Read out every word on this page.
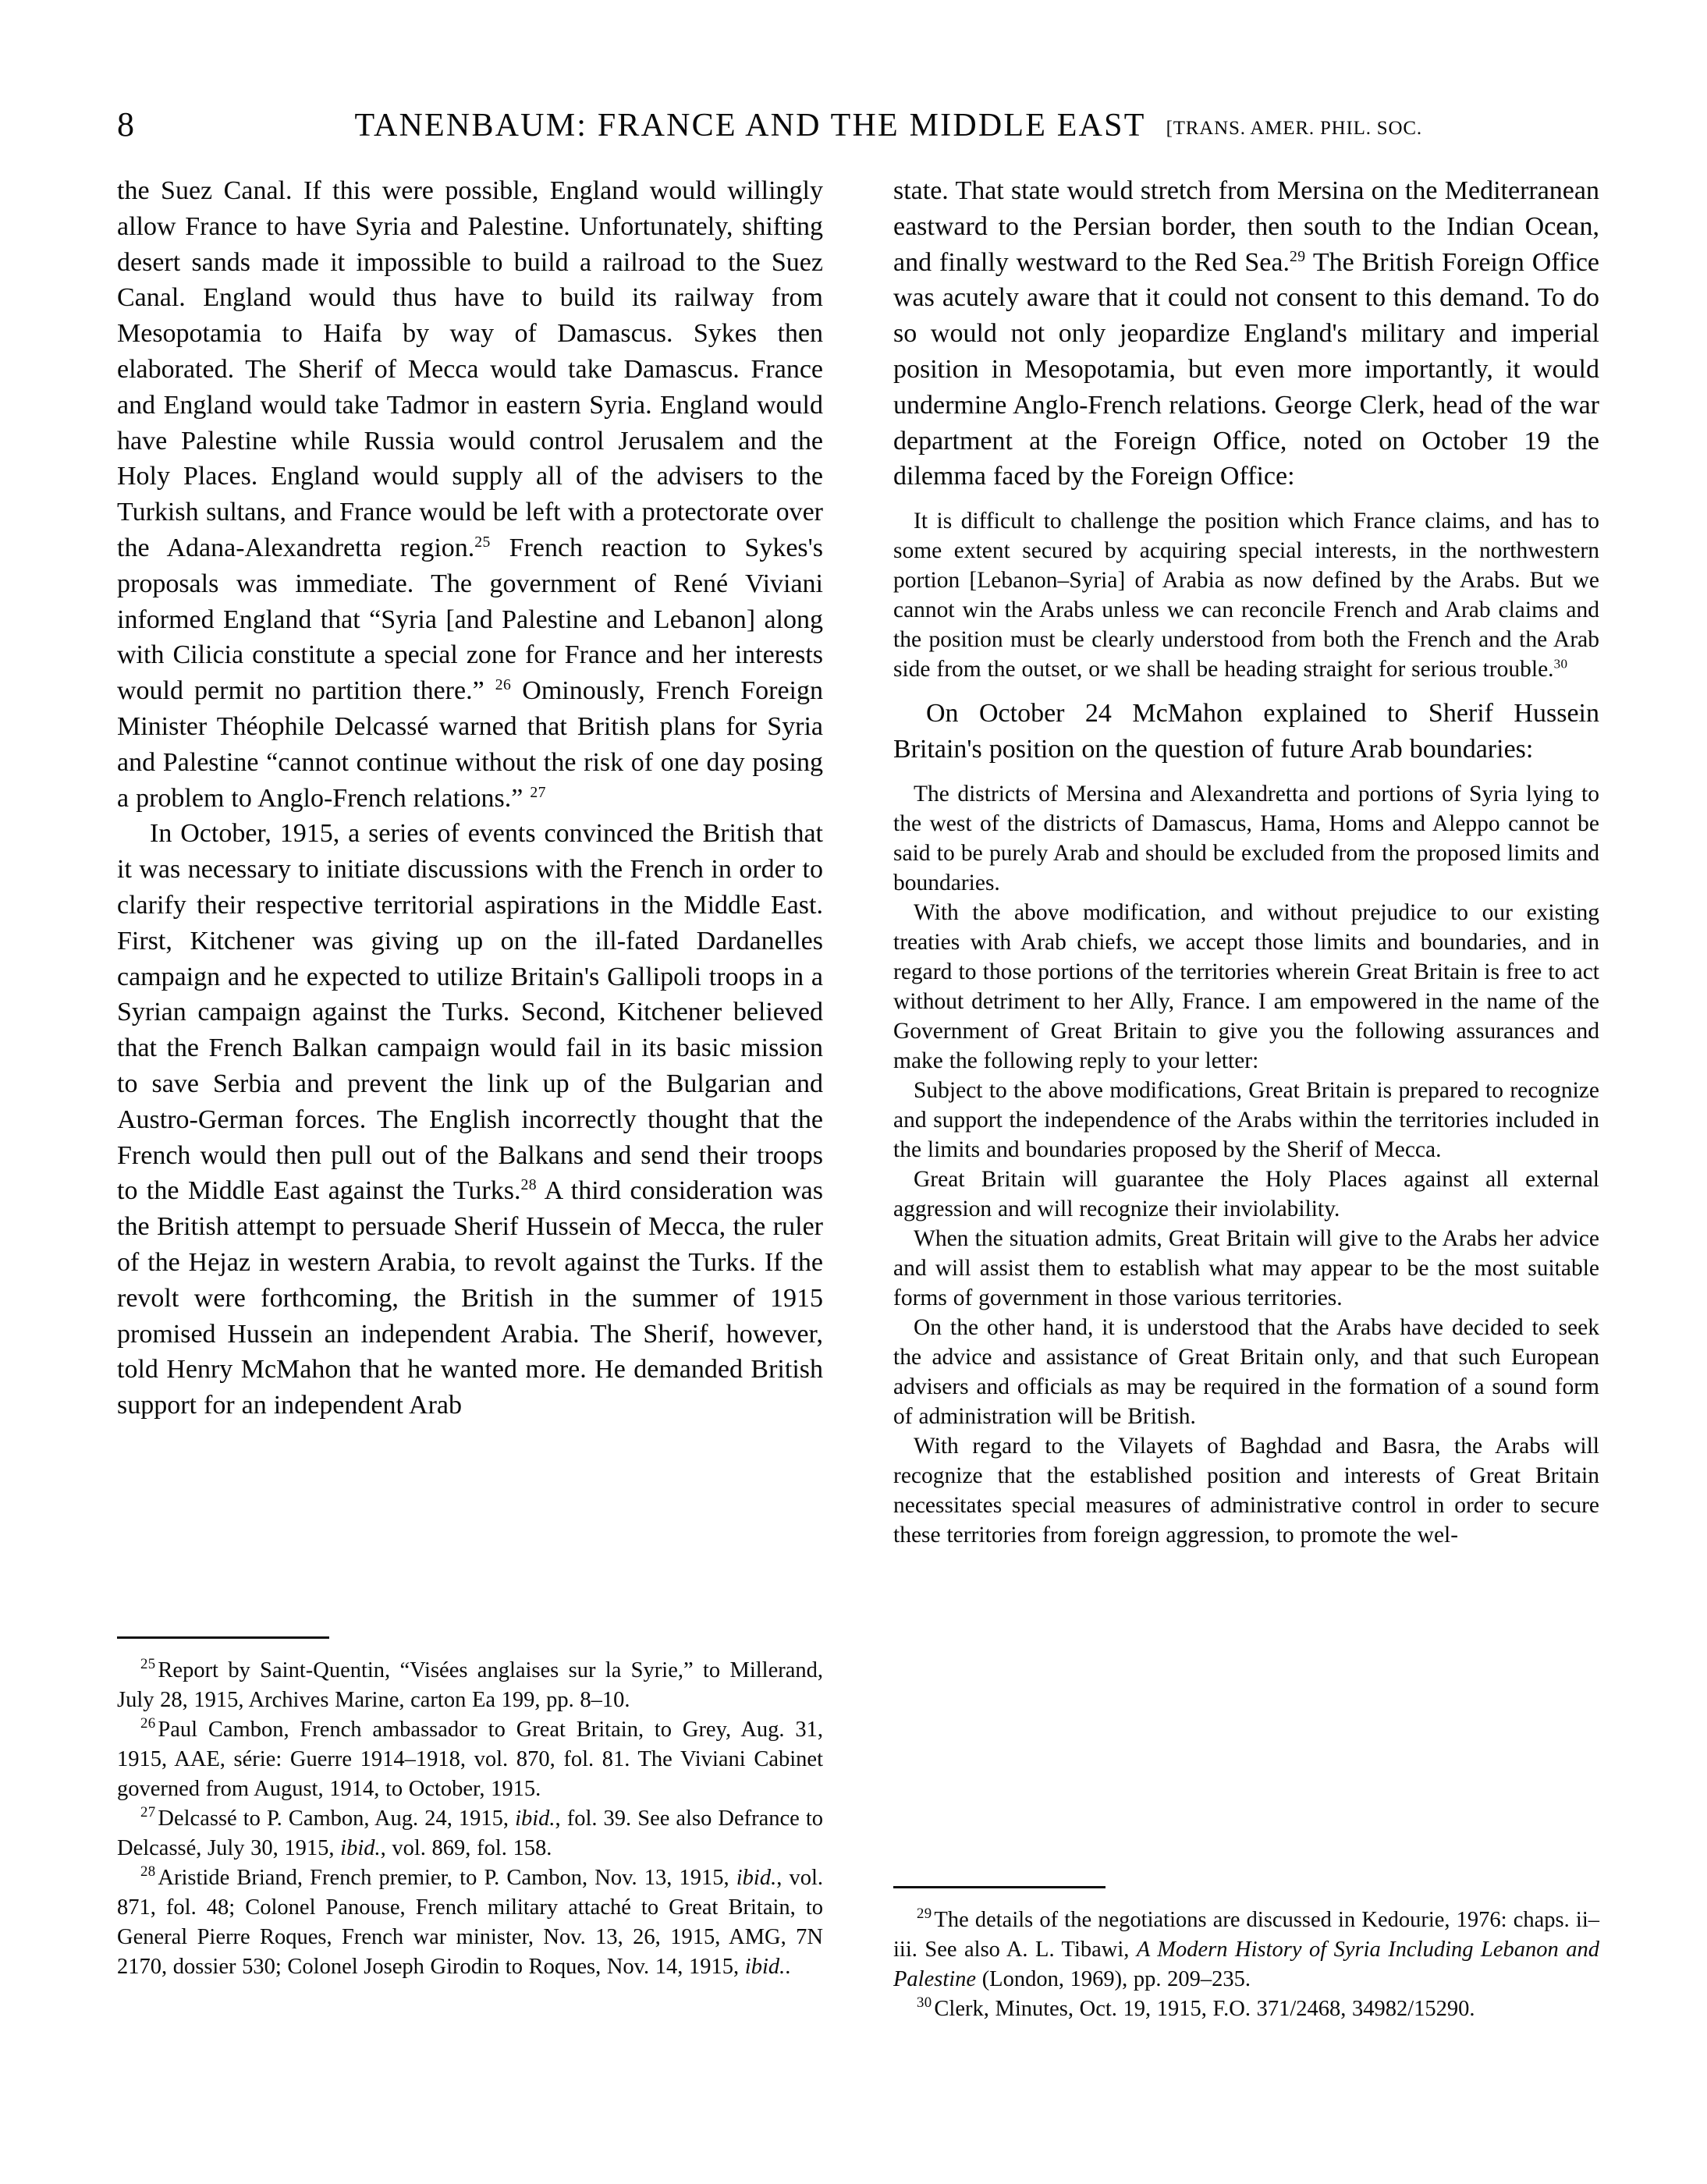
8	TANENBAUM: FRANCE AND THE MIDDLE EAST [TRANS. AMER. PHIL. SOC.

the Suez Canal. If this were possible, England would willingly allow France to have Syria and Palestine. Unfortunately, shifting desert sands made it impossible to build a railroad to the Suez Canal. England would thus have to build its railway from Mesopotamia to Haifa by way of Damascus. Sykes then elaborated. The Sherif of Mecca would take Damascus. France and England would take Tadmor in eastern Syria. England would have Palestine while Russia would control Jerusalem and the Holy Places. England would supply all of the advisers to the Turkish sultans, and France would be left with a protectorate over the Adana-Alexandretta region.$^{25}$ French reaction to Sykes's proposals was immediate. The government of René Viviani informed England that “Syria [and Palestine and Lebanon] along with Cilicia constitute a special zone for France and her interests would permit no partition there.” $^{26}$ Ominously, French Foreign Minister Théophile Delcassé warned that British plans for Syria and Palestine “cannot continue without the risk of one day posing a problem to Anglo-French relations.” $^{27}$

In October, 1915, a series of events convinced the British that it was necessary to initiate discussions with the French in order to clarify their respective territorial aspirations in the Middle East. First, Kitchener was giving up on the ill-fated Dardanelles campaign and he expected to utilize Britain's Gallipoli troops in a Syrian campaign against the Turks. Second, Kitchener believed that the French Balkan campaign would fail in its basic mission to save Serbia and prevent the link up of the Bulgarian and Austro-German forces. The English incorrectly thought that the French would then pull out of the Balkans and send their troops to the Middle East against the Turks.$^{28}$ A third consideration was the British attempt to persuade Sherif Hussein of Mecca, the ruler of the Hejaz in western Arabia, to revolt against the Turks. If the revolt were forthcoming, the British in the summer of 1915 promised Hussein an independent Arabia. The Sherif, however, told Henry McMahon that he wanted more. He demanded British support for an independent Arab

state. That state would stretch from Mersina on the Mediterranean eastward to the Persian border, then south to the Indian Ocean, and finally westward to the Red Sea.$^{29}$ The British Foreign Office was acutely aware that it could not consent to this demand. To do so would not only jeopardize England's military and imperial position in Mesopotamia, but even more importantly, it would undermine Anglo-French relations. George Clerk, head of the war department at the Foreign Office, noted on October 19 the dilemma faced by the Foreign Office:

It is difficult to challenge the position which France claims, and has to some extent secured by acquiring special interests, in the northwestern portion [Lebanon–Syria] of Arabia as now defined by the Arabs. But we cannot win the Arabs unless we can reconcile French and Arab claims and the position must be clearly understood from both the French and the Arab side from the outset, or we shall be heading straight for serious trouble.$^{30}$

On October 24 McMahon explained to Sherif Hussein Britain's position on the question of future Arab boundaries:

The districts of Mersina and Alexandretta and portions of Syria lying to the west of the districts of Damascus, Hama, Homs and Aleppo cannot be said to be purely Arab and should be excluded from the proposed limits and boundaries.

With the above modification, and without prejudice to our existing treaties with Arab chiefs, we accept those limits and boundaries, and in regard to those portions of the territories wherein Great Britain is free to act without detriment to her Ally, France. I am empowered in the name of the Government of Great Britain to give you the following assurances and make the following reply to your letter:

Subject to the above modifications, Great Britain is prepared to recognize and support the independence of the Arabs within the territories included in the limits and boundaries proposed by the Sherif of Mecca.

Great Britain will guarantee the Holy Places against all external aggression and will recognize their inviolability.

When the situation admits, Great Britain will give to the Arabs her advice and will assist them to establish what may appear to be the most suitable forms of government in those various territories.

On the other hand, it is understood that the Arabs have decided to seek the advice and assistance of Great Britain only, and that such European advisers and officials as may be required in the formation of a sound form of administration will be British.

With regard to the Vilayets of Baghdad and Basra, the Arabs will recognize that the established position and interests of Great Britain necessitates special measures of administrative control in order to secure these territories from foreign aggression, to promote the wel-

$^{25}$ Report by Saint-Quentin, “Visées anglaises sur la Syrie,” to Millerand, July 28, 1915, Archives Marine, carton Ea 199, pp. 8–10.

$^{26}$ Paul Cambon, French ambassador to Great Britain, to Grey, Aug. 31, 1915, AAE, série: Guerre 1914–1918, vol. 870, fol. 81. The Viviani Cabinet governed from August, 1914, to October, 1915.

$^{27}$ Delcassé to P. Cambon, Aug. 24, 1915, ibid., fol. 39. See also Defrance to Delcassé, July 30, 1915, ibid., vol. 869, fol. 158.

$^{28}$ Aristide Briand, French premier, to P. Cambon, Nov. 13, 1915, ibid., vol. 871, fol. 48; Colonel Panouse, French military attaché to Great Britain, to General Pierre Roques, French war minister, Nov. 13, 26, 1915, AMG, 7N 2170, dossier 530; Colonel Joseph Girodin to Roques, Nov. 14, 1915, ibid..

$^{29}$ The details of the negotiations are discussed in Kedourie, 1976: chaps. ii–iii. See also A. L. Tibawi, A Modern History of Syria Including Lebanon and Palestine (London, 1969), pp. 209–235.

$^{30}$ Clerk, Minutes, Oct. 19, 1915, F.O. 371/2468, 34982/15290.
